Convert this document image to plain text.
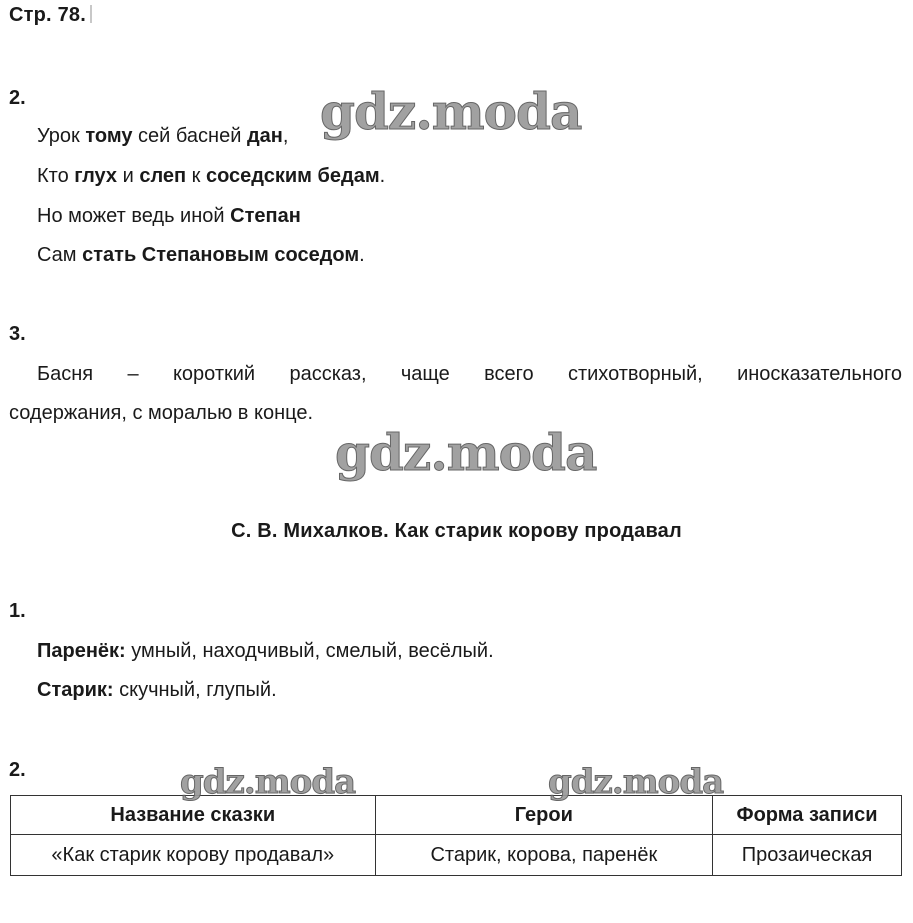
Стр. 78.
2.
Урок тому сей басней дан,
Кто глух и слеп к соседским бедам.
Но может ведь иной Степан
Сам стать Степановым соседом.
3.
Басня – короткий рассказ, чаще всего стихотворный, иносказательного
содержания, с моралью в конце.
С. В. Михалков. Как старик корову продавал
1.
Паренёк: умный, находчивый, смелый, весёлый.
Старик: скучный, глупый.
2.
Название сказки	Герои	Форма записи
«Как старик корову продавал»	Старик, корова, паренёк	Прозаическая
gdz.moda
gdz.moda
gdz.moda	gdz.moda
